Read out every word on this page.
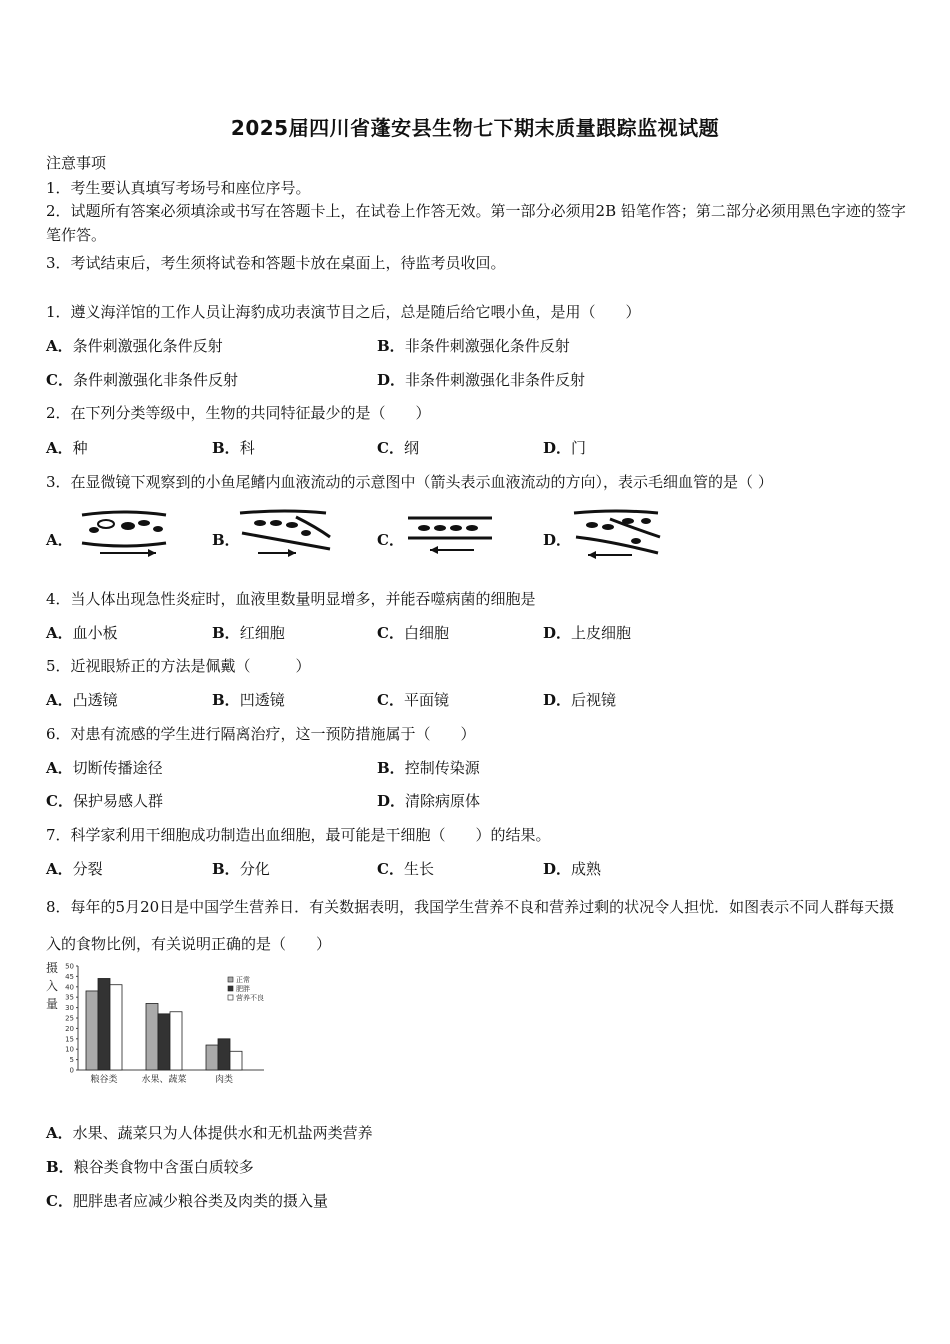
2025届四川省蓬安县生物七下期末质量跟踪监视试题
注意事项
1．考生要认真填写考场号和座位序号。
2．试题所有答案必须填涂或书写在答题卡上，在试卷上作答无效。第一部分必须用2B 铅笔作答；第二部分必须用黑色字迹的签字笔作答。
3．考试结束后，考生须将试卷和答题卡放在桌面上，待监考员收回。
1．遵义海洋馆的工作人员让海豹成功表演节目之后，总是随后给它喂小鱼，是用（　　）
A．条件刺激强化条件反射	B．非条件刺激强化条件反射
C．条件刺激强化非条件反射	D．非条件刺激强化非条件反射
2．在下列分类等级中，生物的共同特征最少的是（　　）
A．种	B．科	C．纲	D．门
3．在显微镜下观察到的小鱼尾鳍内血液流动的示意图中（箭头表示血液流动的方向），表示毛细血管的是（ ）
A．	B．	C．	D．
4．当人体出现急性炎症时，血液里数量明显增多，并能吞噬病菌的细胞是
A．血小板	B．红细胞	C．白细胞	D．上皮细胞
5．近视眼矫正的方法是佩戴（　　　）
A．凸透镜	B．凹透镜	C．平面镜	D．后视镜
6．对患有流感的学生进行隔离治疗，这一预防措施属于（　　）
A．切断传播途径	B．控制传染源
C．保护易感人群	D．清除病原体
7．科学家利用干细胞成功制造出血细胞，最可能是干细胞（　　）的结果。
A．分裂	B．分化	C．生长	D．成熟
8．每年的5月20日是中国学生营养日．有关数据表明，我国学生营养不良和营养过剩的状况令人担忧．如图表示不同人群每天摄入的食物比例，有关说明正确的是（　　）
摄
入
量
0
5
10
15
20
25
30
35
40
45
50
粮谷类	水果、蔬菜	肉类
正常
肥胖
营养不良
A．水果、蔬菜只为人体提供水和无机盐两类营养
B．粮谷类食物中含蛋白质较多
C．肥胖患者应减少粮谷类及肉类的摄入量
